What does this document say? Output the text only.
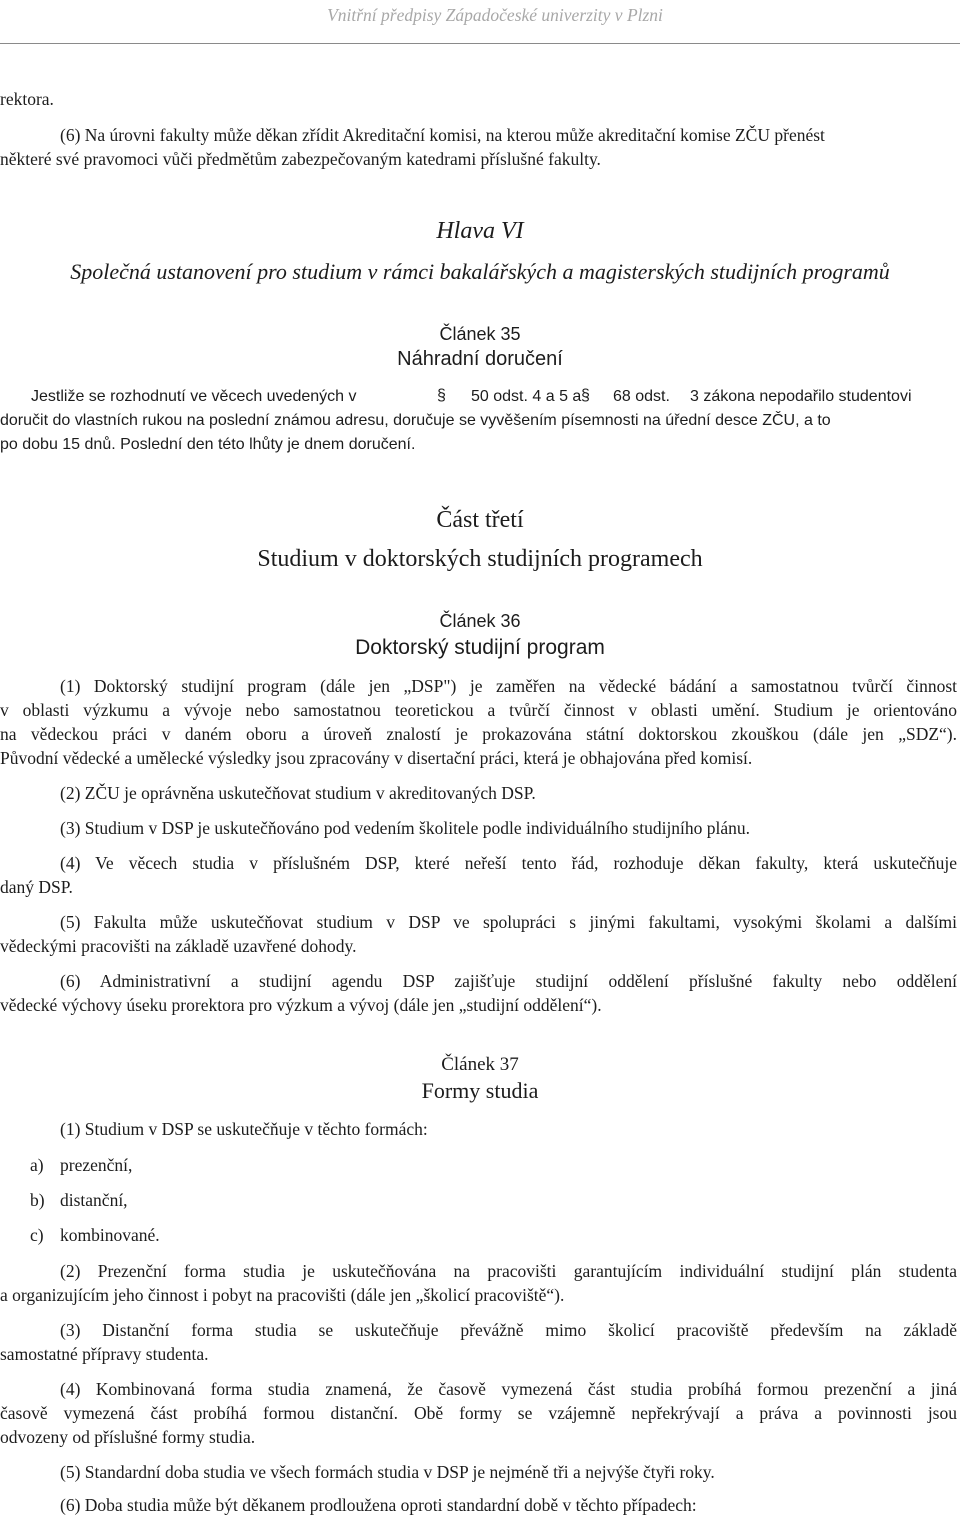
Vnitřní předpisy Západočeské univerzity v Plzni
rektora.
(6) Na úrovni fakulty může děkan zřídit Akreditační komisi, na kterou může akreditační komise ZČU přenést
některé své pravomoci vůči předmětům zabezpečovaným katedrami příslušné fakulty.
Hlava VI
Společná ustanovení pro studium v rámci bakalářských a magisterských studijních programů
Článek 35
Náhradní doručení
Jestliže se rozhodnutí ve věcech uvedených v	§ 50 odst. 4 a 5 a § 68 odst. 3 zákona nepodařilo studentovi
doručit do vlastních rukou na poslední známou adresu, doručuje se vyvěšením písemnosti na úřední desce ZČU, a to
po dobu 15 dnů. Poslední den této lhůty je dnem doručení.
Část třetí
Studium v doktorských studijních programech
Článek 36
Doktorský studijní program
(1) Doktorský studijní program (dále jen „DSP") je zaměřen na vědecké bádání a samostatnou tvůrčí činnost
v oblasti výzkumu a vývoje nebo samostatnou teoretickou a tvůrčí činnost v oblasti umění. Studium je orientováno
na vědeckou práci v daném oboru a úroveň znalostí je prokazována státní doktorskou zkouškou (dále jen „SDZ“).
Původní vědecké a umělecké výsledky jsou zpracovány v disertační práci, která je obhajována před komisí.
(2) ZČU je oprávněna uskutečňovat studium v akreditovaných DSP.
(3) Studium v DSP je uskutečňováno pod vedením školitele podle individuálního studijního plánu.
(4) Ve věcech studia v příslušném DSP, které neřeší tento řád, rozhoduje děkan fakulty, která uskutečňuje
daný DSP.
(5) Fakulta může uskutečňovat studium v DSP ve spolupráci s jinými fakultami, vysokými školami a dalšími
vědeckými pracovišti na základě uzavřené dohody.
(6) Administrativní a studijní agendu DSP zajišťuje studijní oddělení příslušné fakulty nebo oddělení
vědecké výchovy úseku prorektora pro výzkum a vývoj (dále jen „studijní oddělení“).
Článek 37
Formy studia
(1) Studium v DSP se uskutečňuje v těchto formách:
a) prezenční,
b) distanční,
c) kombinované.
(2) Prezenční forma studia je uskutečňována na pracovišti garantujícím individuální studijní plán studenta
a organizujícím jeho činnost i pobyt na pracovišti (dále jen „školicí pracoviště“).
(3) Distanční forma studia se uskutečňuje převážně mimo školicí pracoviště především na základě
samostatné přípravy studenta.
(4) Kombinovaná forma studia znamená, že časově vymezená část studia probíhá formou prezenční a jiná
časově vymezená část probíhá formou distanční. Obě formy se vzájemně nepřekrývají a práva a povinnosti jsou
odvozeny od příslušné formy studia.
(5) Standardní doba studia ve všech formách studia v DSP je nejméně tři a nejvýše čtyři roky.
(6) Doba studia může být děkanem prodloužena oproti standardní době v těchto případech:
